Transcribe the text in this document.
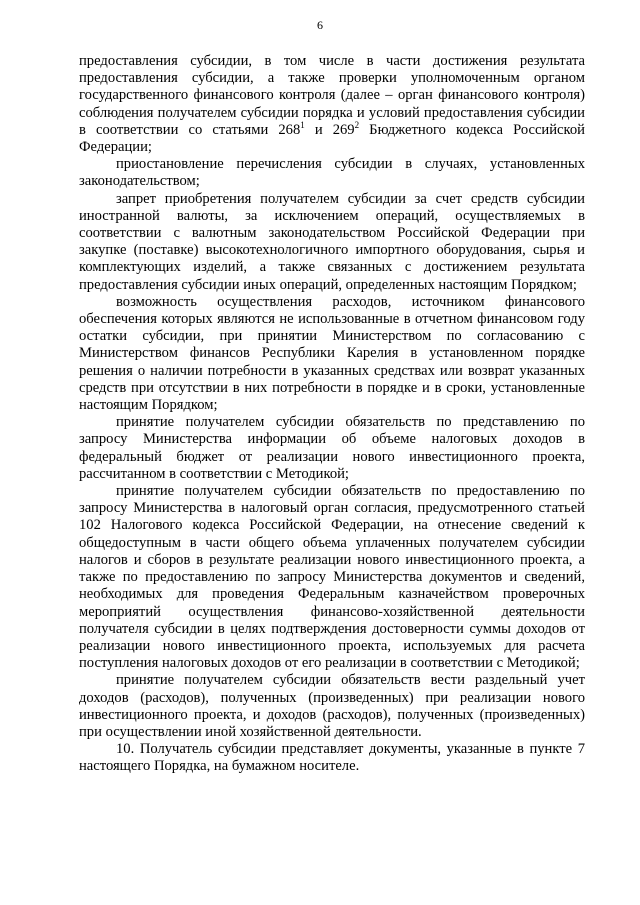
6

предоставления субсидии, в том числе в части достижения результата предоставления субсидии, а также проверки уполномоченным органом государственного финансового контроля (далее – орган финансового контроля) соблюдения получателем субсидии порядка и условий предоставления субсидии в соответствии со статьями $268^1$ и $269^2$ Бюджетного кодекса Российской Федерации;

приостановление перечисления субсидии в случаях, установленных законодательством;

запрет приобретения получателем субсидии за счет средств субсидии иностранной валюты, за исключением операций, осуществляемых в соответствии с валютным законодательством Российской Федерации при закупке (поставке) высокотехнологичного импортного оборудования, сырья и комплектующих изделий, а также связанных с достижением результата предоставления субсидии иных операций, определенных настоящим Порядком;

возможность осуществления расходов, источником финансового обеспечения которых являются не использованные в отчетном финансовом году остатки субсидии, при принятии Министерством по согласованию с Министерством финансов Республики Карелия в установленном порядке решения о наличии потребности в указанных средствах или возврат указанных средств при отсутствии в них потребности в порядке и в сроки, установленные настоящим Порядком;

принятие получателем субсидии обязательств по представлению по запросу Министерства информации об объеме налоговых доходов в федеральный бюджет от реализации нового инвестиционного проекта, рассчитанном в соответствии с Методикой;

принятие получателем субсидии обязательств по предоставлению по запросу Министерства в налоговый орган согласия, предусмотренного статьей 102 Налогового кодекса Российской Федерации, на отнесение сведений к общедоступным в части общего объема уплаченных получателем субсидии налогов и сборов в результате реализации нового инвестиционного проекта, а также по предоставлению по запросу Министерства документов и сведений, необходимых для проведения Федеральным казначейством проверочных мероприятий осуществления финансово-хозяйственной деятельности получателя субсидии в целях подтверждения достоверности суммы доходов от реализации нового инвестиционного проекта, используемых для расчета поступления налоговых доходов от его реализации в соответствии с Методикой;

принятие получателем субсидии обязательств вести раздельный учет доходов (расходов), полученных (произведенных) при реализации нового инвестиционного проекта, и доходов (расходов), полученных (произведенных) при осуществлении иной хозяйственной деятельности.

10. Получатель субсидии представляет документы, указанные в пункте 7 настоящего Порядка, на бумажном носителе.
